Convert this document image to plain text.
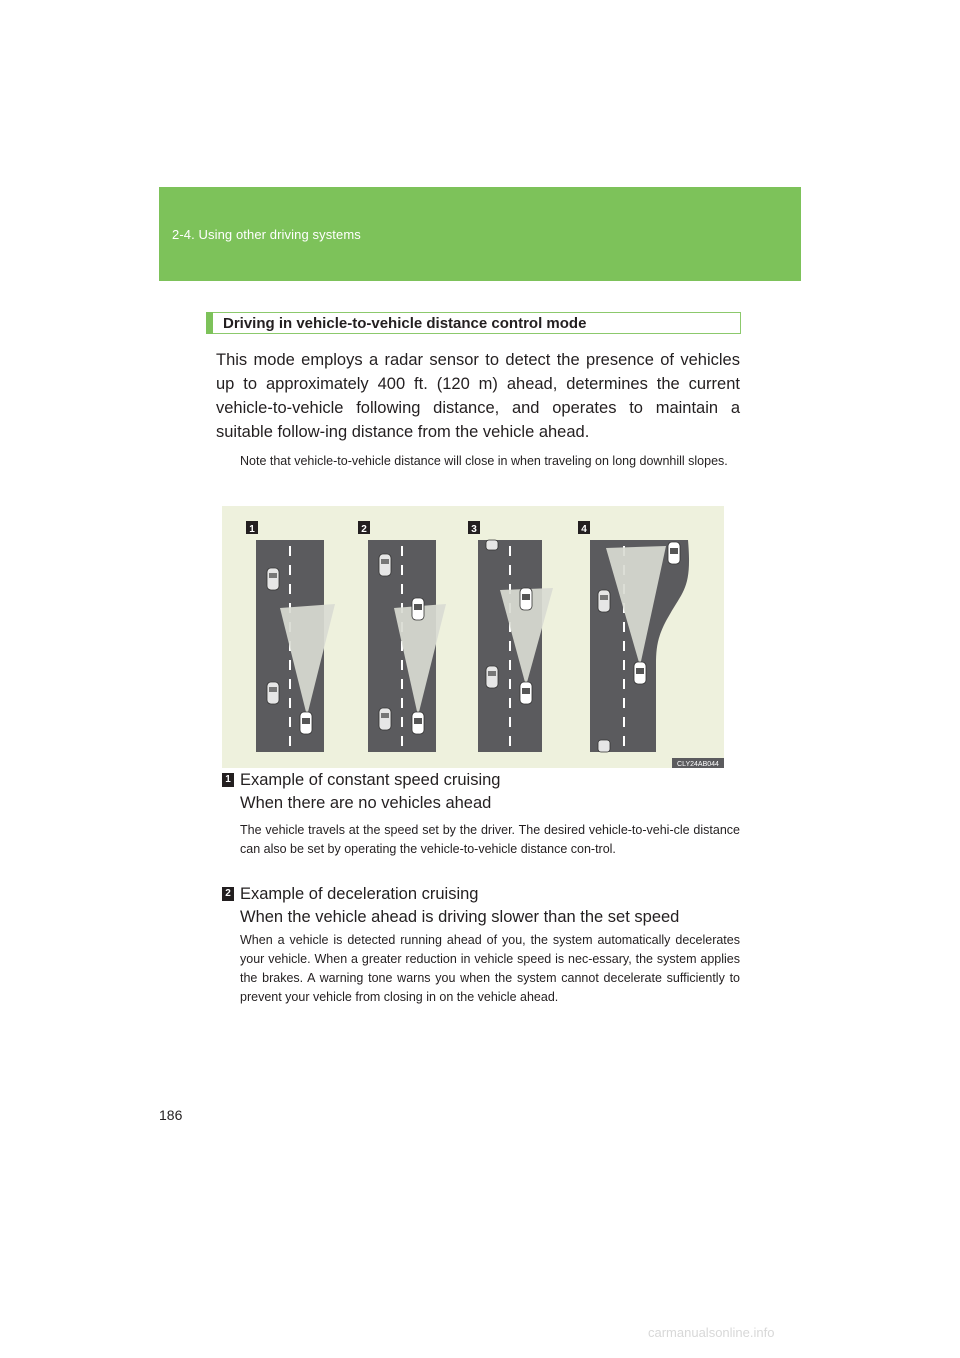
2-4. Using other driving systems
Driving in vehicle-to-vehicle distance control mode
This mode employs a radar sensor to detect the presence of vehicles up to approximately 400 ft. (120 m) ahead, determines the current vehicle-to-vehicle following distance, and operates to maintain a suitable follow-ing distance from the vehicle ahead.
Note that vehicle-to-vehicle distance will close in when traveling on long downhill slopes.
1	2	3	4
CLY24AB044
1 Example of constant speed cruising
When there are no vehicles ahead
The vehicle travels at the speed set by the driver. The desired vehicle-to-vehi-cle distance can also be set by operating the vehicle-to-vehicle distance con-trol.
2 Example of deceleration cruising
When the vehicle ahead is driving slower than the set speed
When a vehicle is detected running ahead of you, the system automatically decelerates your vehicle. When a greater reduction in vehicle speed is nec-essary, the system applies the brakes. A warning tone warns you when the system cannot decelerate sufficiently to prevent your vehicle from closing in on the vehicle ahead.
186
carmanualsonline.info
